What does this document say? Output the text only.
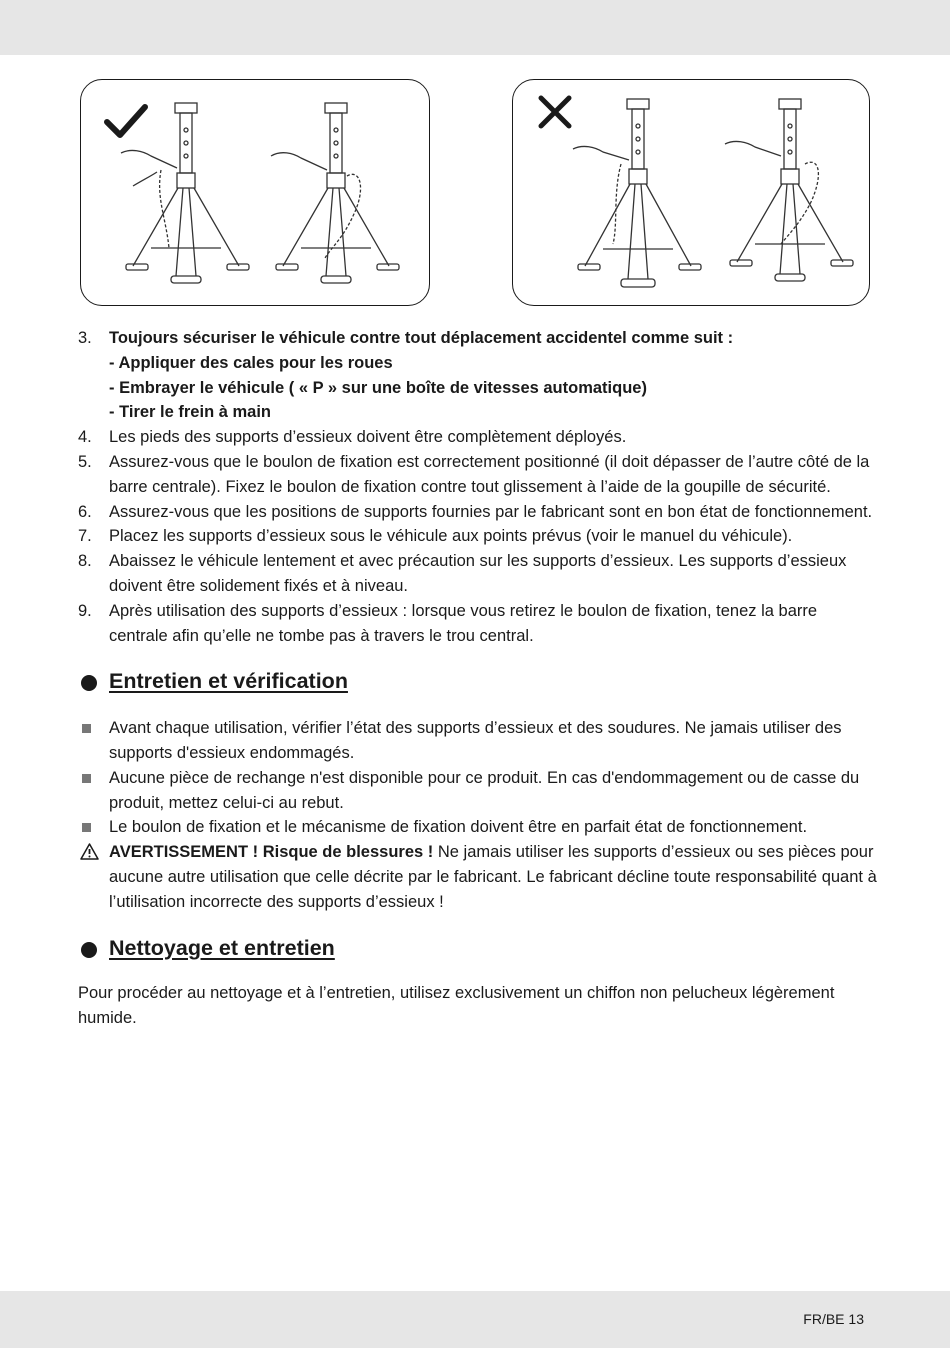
3. Toujours sécuriser le véhicule contre tout déplacement accidentel comme suit :
- Appliquer des cales pour les roues
- Embrayer le véhicule ( « P » sur une boîte de vitesses automatique)
- Tirer le frein à main
4. Les pieds des supports d’essieux doivent être complètement déployés.
5. Assurez-vous que le boulon de fixation est correctement positionné (il doit dépasser de l’autre côté de la barre centrale). Fixez le boulon de fixation contre tout glissement à l’aide de la goupille de sécurité.
6. Assurez-vous que les positions de supports fournies par le fabricant sont en bon état de fonctionnement.
7. Placez les supports d’essieux sous le véhicule aux points prévus (voir le manuel du véhicule).
8. Abaissez le véhicule lentement et avec précaution sur les supports d’essieux. Les supports d’essieux doivent être solidement fixés et à niveau.
9. Après utilisation des supports d’essieux : lorsque vous retirez le boulon de fixation, tenez la barre centrale afin qu’elle ne tombe pas à travers le trou central.
Entretien et vérification
Avant chaque utilisation, vérifier l’état des supports d’essieux et des soudures. Ne jamais utiliser des supports d'essieux endommagés.
Aucune pièce de rechange n'est disponible pour ce produit. En cas d'endommagement ou de casse du produit, mettez celui-ci au rebut.
Le boulon de fixation et le mécanisme de fixation doivent être en parfait état de fonctionnement.
AVERTISSEMENT ! Risque de blessures ! Ne jamais utiliser les supports d’essieux ou ses pièces pour aucune autre utilisation que celle décrite par le fabricant. Le fabricant décline toute responsabilité quant à l’utilisation incorrecte des supports d’essieux !
Nettoyage et entretien

Pour procéder au nettoyage et à l’entretien, utilisez exclusivement un chiffon non pelucheux légèrement humide.

FR/BE 13
